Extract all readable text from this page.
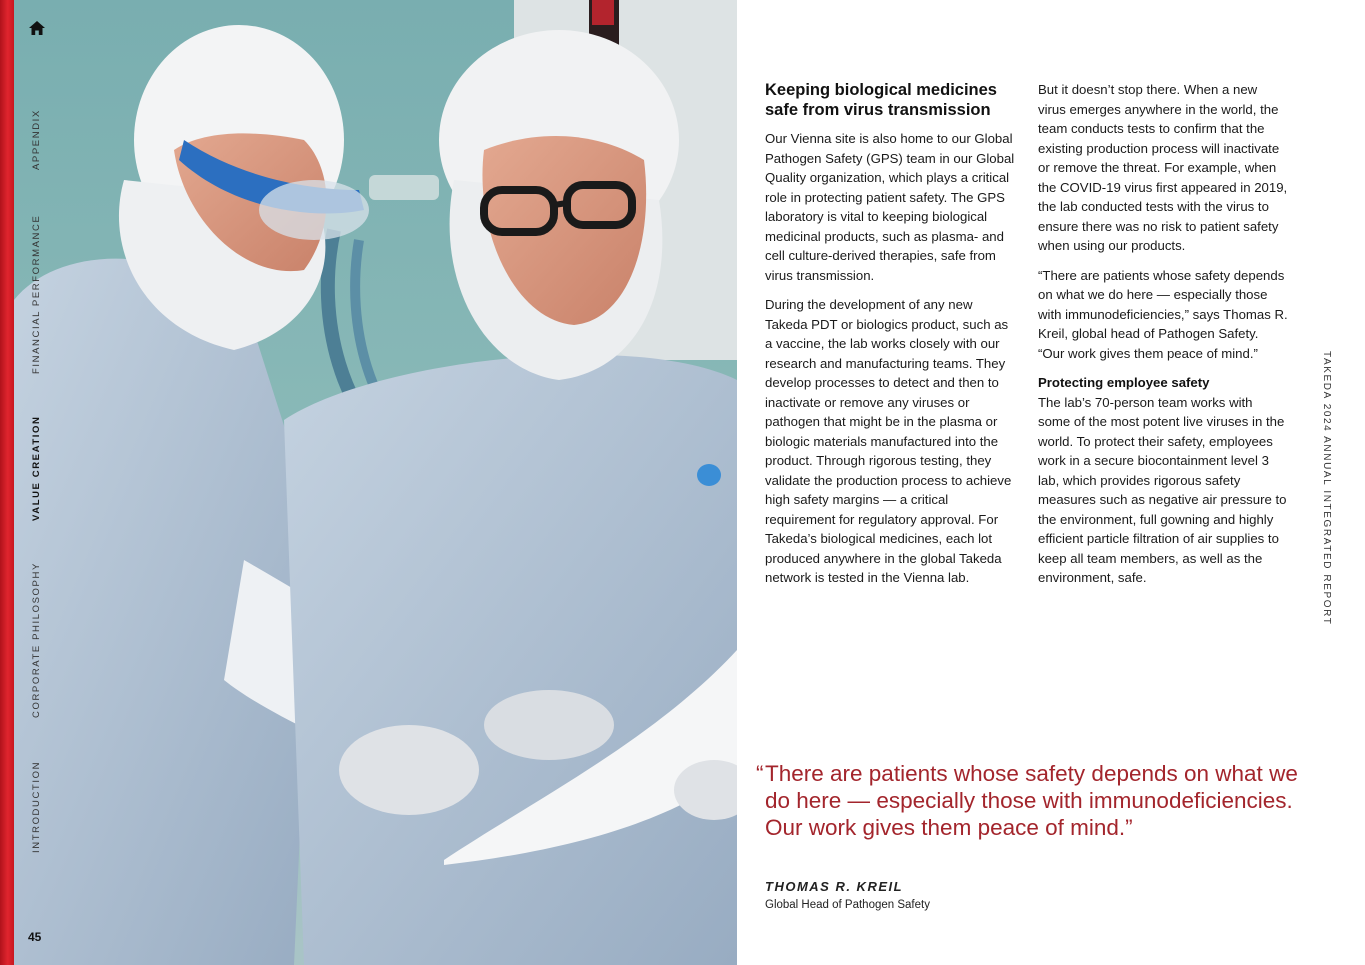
APPENDIX
FINANCIAL PERFORMANCE
VALUE CREATION
CORPORATE PHILOSOPHY
INTRODUCTION
45
Keeping biological medicines safe from virus transmission

Our Vienna site is also home to our Global Pathogen Safety (GPS) team in our Global Quality organization, which plays a critical role in protecting patient safety. The GPS laboratory is vital to keeping biological medicinal products, such as plasma- and cell culture-derived therapies, safe from virus transmission.

During the development of any new Takeda PDT or biologics product, such as a vaccine, the lab works closely with our research and manufacturing teams. They develop processes to detect and then to inactivate or remove any viruses or pathogen that might be in the plasma or biologic materials manufactured into the product. Through rigorous testing, they validate the production process to achieve high safety margins — a critical requirement for regulatory approval. For Takeda’s biological medicines, each lot produced anywhere in the global Takeda network is tested in the Vienna lab.

But it doesn’t stop there. When a new virus emerges anywhere in the world, the team conducts tests to confirm that the existing production process will inactivate or remove the threat. For example, when the COVID-19 virus first appeared in 2019, the lab conducted tests with the virus to ensure there was no risk to patient safety when using our products.

“There are patients whose safety depends on what we do here — especially those with immunodeficiencies,” says Thomas R. Kreil, global head of Pathogen Safety. “Our work gives them peace of mind.”

Protecting employee safety

The lab’s 70-person team works with some of the most potent live viruses in the world. To protect their safety, employees work in a secure biocontainment level 3 lab, which provides rigorous safety measures such as negative air pressure to the environment, full gowning and highly efficient particle filtration of air supplies to keep all team members, as well as the environment, safe.

“ There are patients whose safety depends on what we do here — especially those with immunodeficiencies. Our work gives them peace of mind.”
THOMAS R. KREIL
Global Head of Pathogen Safety
TAKEDA 2024 ANNUAL INTEGRATED REPORT
